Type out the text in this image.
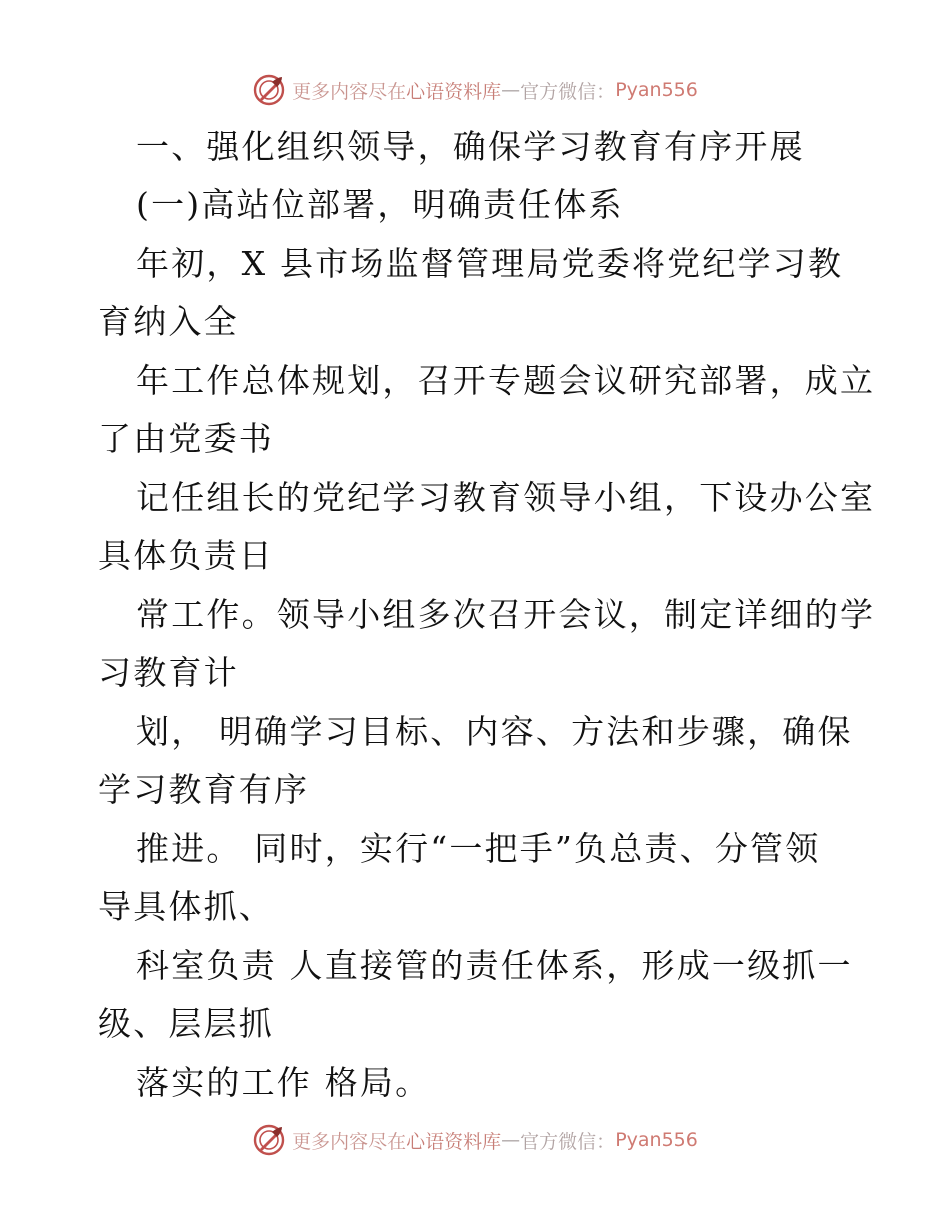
更多内容尽在 心语资料库 — 官方微信： Pyan556
一、强化组织领导，确保学习教育有序开展
(一)高站位部署，明确责任体系
年初，X 县市场监督管理局党委将党纪学习教
育纳入全
年工作总体规划，召开专题会议研究部署，成立
了由党委书
记任组长的党纪学习教育领导小组，下设办公室
具体负责日
常工作。领导小组多次召开会议，制定详细的学
习教育计
划， 明确学习目标、内容、方法和步骤，确保
学习教育有序
推进。 同时，实行“一把手”负总责、分管领
导具体抓、
科室负责 人直接管的责任体系，形成一级抓一
级、层层抓
落实的工作 格局。
更多内容尽在 心语资料库 — 官方微信： Pyan556
